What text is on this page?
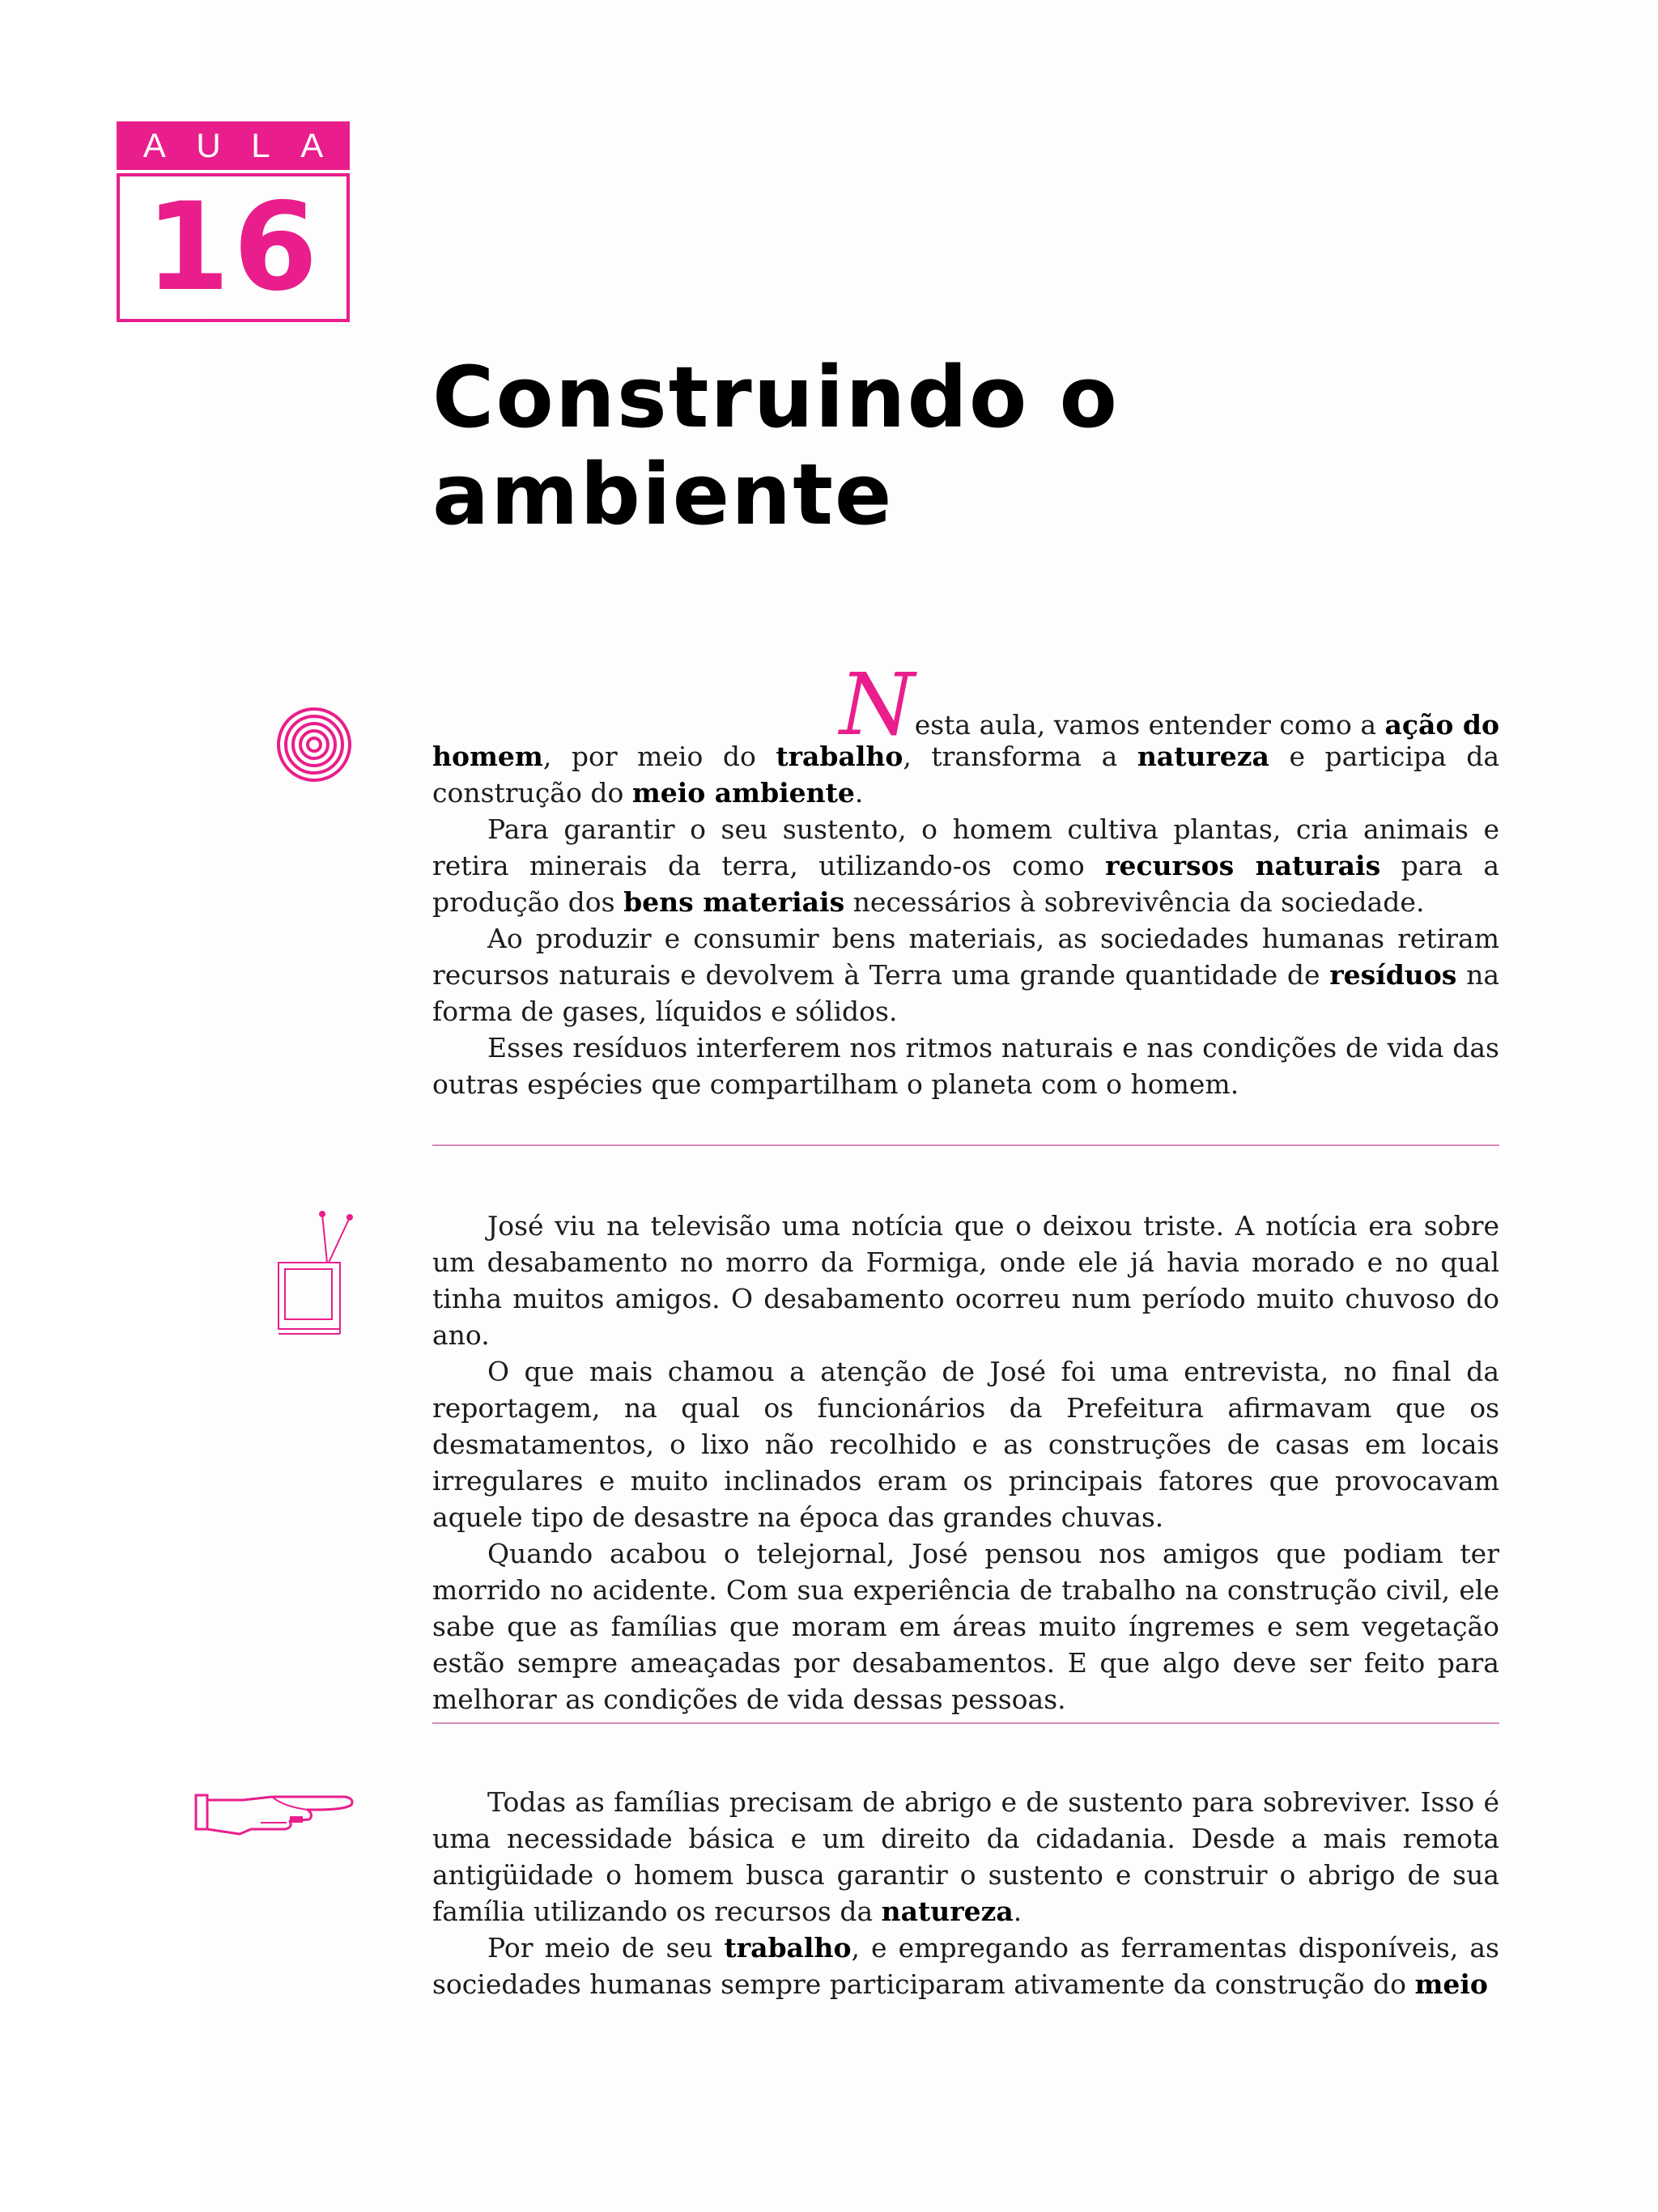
A U L A
16
Construindo o ambiente
Nesta aula, vamos entender como a ação do

homem, por meio do trabalho, transforma a natureza e participa da construção do meio ambiente.

Para garantir o seu sustento, o homem cultiva plantas, cria animais e retira minerais da terra, utilizando-os como recursos naturais para a produção dos bens materiais necessários à sobrevivência da sociedade.

Ao produzir e consumir bens materiais, as sociedades humanas retiram recursos naturais e devolvem à Terra uma grande quantidade de resíduos na forma de gases, líquidos e sólidos.

Esses resíduos interferem nos ritmos naturais e nas condições de vida das outras espécies que compartilham o planeta com o homem.

José viu na televisão uma notícia que o deixou triste. A notícia era sobre um desabamento no morro da Formiga, onde ele já havia morado e no qual tinha muitos amigos. O desabamento ocorreu num período muito chuvoso do ano.

O que mais chamou a atenção de José foi uma entrevista, no final da reportagem, na qual os funcionários da Prefeitura afirmavam que os desmatamentos, o lixo não recolhido e as construções de casas em locais irregulares e muito inclinados eram os principais fatores que provocavam aquele tipo de desastre na época das grandes chuvas.

Quando acabou o telejornal, José pensou nos amigos que podiam ter morrido no acidente. Com sua experiência de trabalho na construção civil, ele sabe que as famílias que moram em áreas muito íngremes e sem vegetação estão sempre ameaçadas por desabamentos. E que algo deve ser feito para melhorar as condições de vida dessas pessoas.

Todas as famílias precisam de abrigo e de sustento para sobreviver. Isso é uma necessidade básica e um direito da cidadania. Desde a mais remota antigüidade o homem busca garantir o sustento e construir o abrigo de sua família utilizando os recursos da natureza.

Por meio de seu trabalho, e empregando as ferramentas disponíveis, as sociedades humanas sempre participaram ativamente da construção do meio
